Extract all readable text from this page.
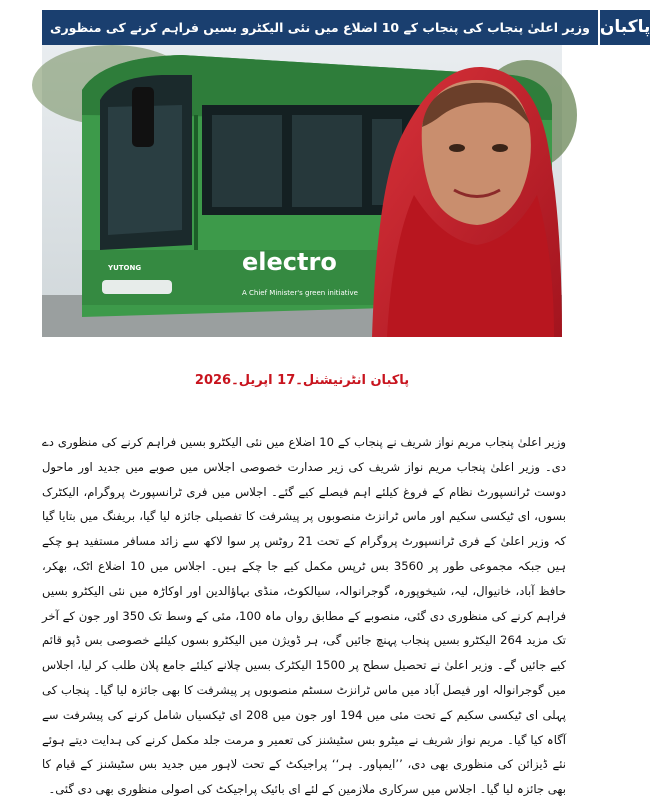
وزیر اعلیٰ پنجاب کی پنجاب کے 10 اضلاع میں نئی الیکٹرو بسیں فراہم کرنے کی منظوری پاکبان
electro
A Chief Minister's green initiative
YUTONG
پاکبان انٹرنیشنل۔17 اپریل۔2026

وزیر اعلیٰ پنجاب مریم نواز شریف نے پنجاب کے 10 اضلاع میں نئی الیکٹرو بسیں فراہم کرنے کی منظوری دے دی۔ وزیر اعلیٰ پنجاب مریم نواز شریف کی زیر صدارت خصوصی اجلاس میں صوبے میں جدید اور ماحول دوست ٹرانسپورٹ نظام کے فروغ کیلئے اہم فیصلے کیے گئے۔ اجلاس میں فری ٹرانسپورٹ پروگرام، الیکٹرک بسوں، ای ٹیکسی سکیم اور ماس ٹرانزٹ منصوبوں پر پیشرفت کا تفصیلی جائزہ لیا گیا، بریفنگ میں بتایا گیا کہ وزیر اعلیٰ کے فری ٹرانسپورٹ پروگرام کے تحت 21 روٹس پر سوا لاکھ سے زائد مسافر مستفید ہو چکے ہیں جبکہ مجموعی طور پر 3560 بس ٹرپس مکمل کیے جا چکے ہیں۔ اجلاس میں 10 اضلاع اٹک، بھکر، حافظ آباد، خانیوال، لیہ، شیخوپورہ، گوجرانوالہ، سیالکوٹ، منڈی بہاؤالدین اور اوکاڑہ میں نئی الیکٹرو بسیں فراہم کرنے کی منظوری دی گئی، منصوبے کے مطابق رواں ماہ 100، مئی کے وسط تک 350 اور جون کے آخر تک مزید 264 الیکٹرو بسیں پنجاب پہنچ جائیں گی، ہر ڈویژن میں الیکٹرو بسوں کیلئے خصوصی بس ڈپو قائم کیے جائیں گے۔ وزیر اعلیٰ نے تحصیل سطح پر 1500 الیکٹرک بسیں چلانے کیلئے جامع پلان طلب کر لیا، اجلاس میں گوجرانوالہ اور فیصل آباد میں ماس ٹرانزٹ سسٹم منصوبوں پر پیشرفت کا بھی جائزہ لیا گیا۔ پنجاب کی پہلی ای ٹیکسی سکیم کے تحت مئی میں 194 اور جون میں 208 ای ٹیکسیاں شامل کرنے کی پیشرفت سے آگاہ کیا گیا۔ مریم نواز شریف نے میٹرو بس سٹیشنز کی تعمیر و مرمت جلد مکمل کرنے کی ہدایت دیتے ہوئے نئے ڈیزائن کی منظوری بھی دی، ’’ایمپاور۔ ہر‘‘ پراجیکٹ کے تحت لاہور میں جدید بس سٹیشنز کے قیام کا بھی جائزہ لیا گیا۔ اجلاس میں سرکاری ملازمین کے لئے ای بائیک پراجیکٹ کی اصولی منظوری بھی دی گئی۔
